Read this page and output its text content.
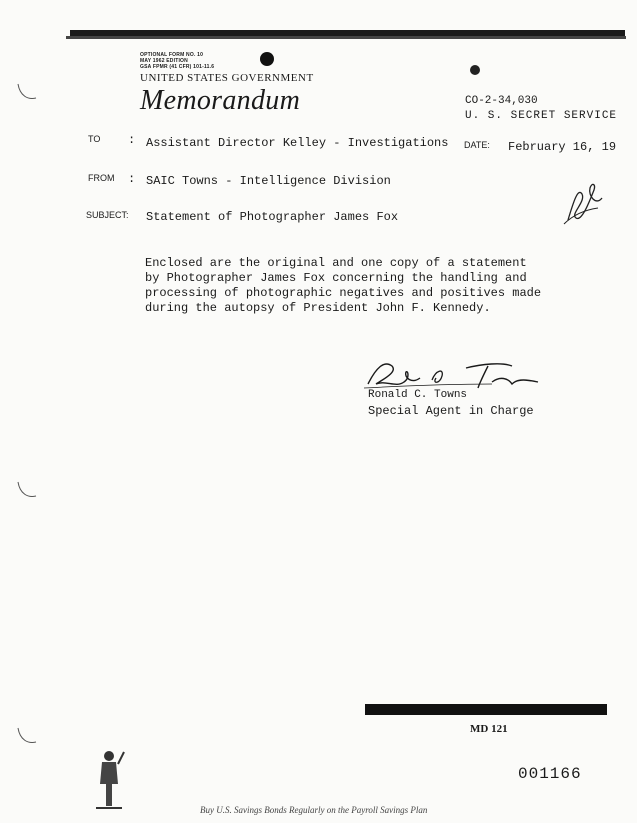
OPTIONAL FORM NO. 10
MAY 1962 EDITION
GSA FPMR (41 CFR) 101-11.6
UNITED STATES GOVERNMENT
Memorandum	CO-2-34,030
U. S. SECRET SERVICE
TO : Assistant Director Kelley - Investigations DATE: February 16, 19
FROM : SAIC Towns - Intelligence Division
SUBJECT: Statement of Photographer James Fox
Enclosed are the original and one copy of a statement
by Photographer James Fox concerning the handling and
processing of photographic negatives and positives made
during the autopsy of President John F. Kennedy.
Ronald C. Towns
Special Agent in Charge
MD 121
001166
Buy U.S. Savings Bonds Regularly on the Payroll Savings Plan
